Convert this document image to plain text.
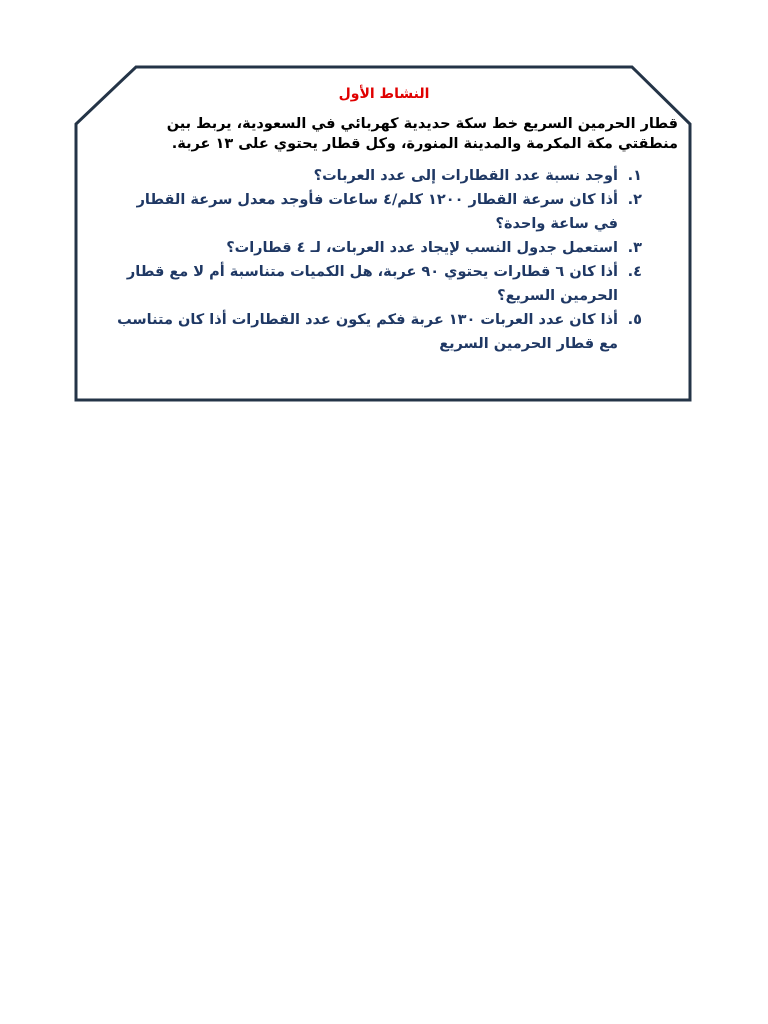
النشاط الأول

قطار الحرمين السريع خط سكة حديدية كهربائي في السعودية، يربط بين منطقتي مكة المكرمة والمدينة المنورة، وكل قطار يحتوي على ١٣ عربة.

١.
أوجد نسبة عدد القطارات إلى عدد العربات؟
٢.
أذا كان سرعة القطار ١٢٠٠ كلم/٤ ساعات فأوجد معدل سرعة القطار في ساعة واحدة؟
٣.
استعمل جدول النسب لإيجاد عدد العربات، لـ ٤ قطارات؟
٤.
أذا كان ٦ قطارات يحتوي ٩٠ عربة، هل الكميات متناسبة أم لا مع قطار الحرمين السريع؟
٥.
أذا كان عدد العربات ١٣٠ عربة فكم يكون عدد القطارات أذا كان متناسب مع قطار الحرمين السريع
